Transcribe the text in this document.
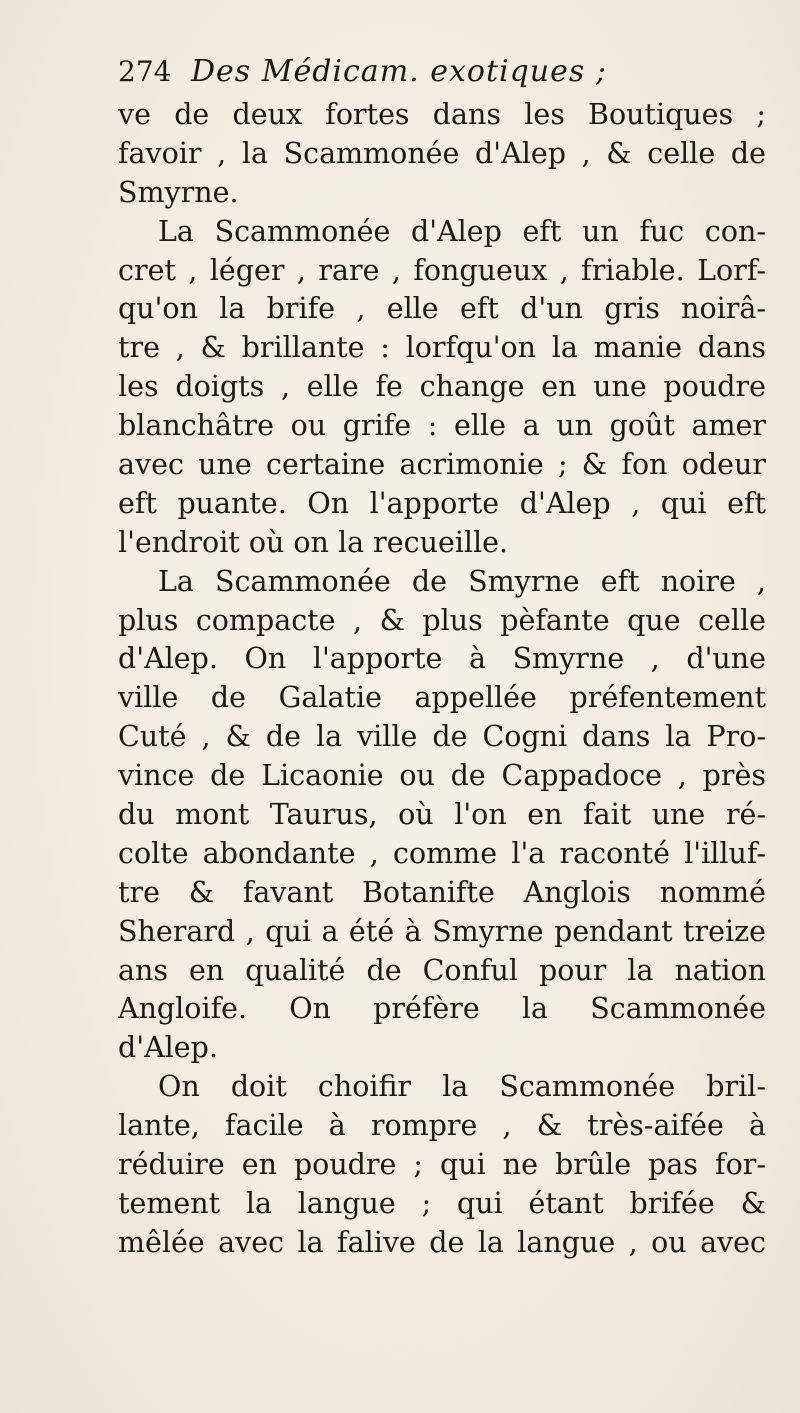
274 Des Médicam. exotiques ;
ve de deux fortes dans les Boutiques ;
favoir , la Scammonée d'Alep , & celle de
Smyrne.
La Scammonée d'Alep eft un fuc con-
cret , léger , rare , fongueux , friable. Lorf-
qu'on la brife , elle eft d'un gris noirâ-
tre , & brillante : lorfqu'on la manie dans
les doigts , elle fe change en une poudre
blanchâtre ou grife : elle a un goût amer
avec une certaine acrimonie ; & fon odeur
eft puante. On l'apporte d'Alep , qui eft
l'endroit où on la recueille.
La Scammonée de Smyrne eft noire ,
plus compacte , & plus pèfante que celle
d'Alep. On l'apporte à Smyrne , d'une
ville de Galatie appellée préfentement
Cuté , & de la ville de Cogni dans la Pro-
vince de Licaonie ou de Cappadoce , près
du mont Taurus, où l'on en fait une ré-
colte abondante , comme l'a raconté l'illuf-
tre & favant Botanifte Anglois nommé
Sherard , qui a été à Smyrne pendant treize
ans en qualité de Conful pour la nation
Angloife. On préfère la Scammonée
d'Alep.
On doit choifir la Scammonée bril-
lante, facile à rompre , & très-aifée à
réduire en poudre ; qui ne brûle pas for-
tement la langue ; qui étant brifée &
mêlée avec la falive de la langue , ou avec
